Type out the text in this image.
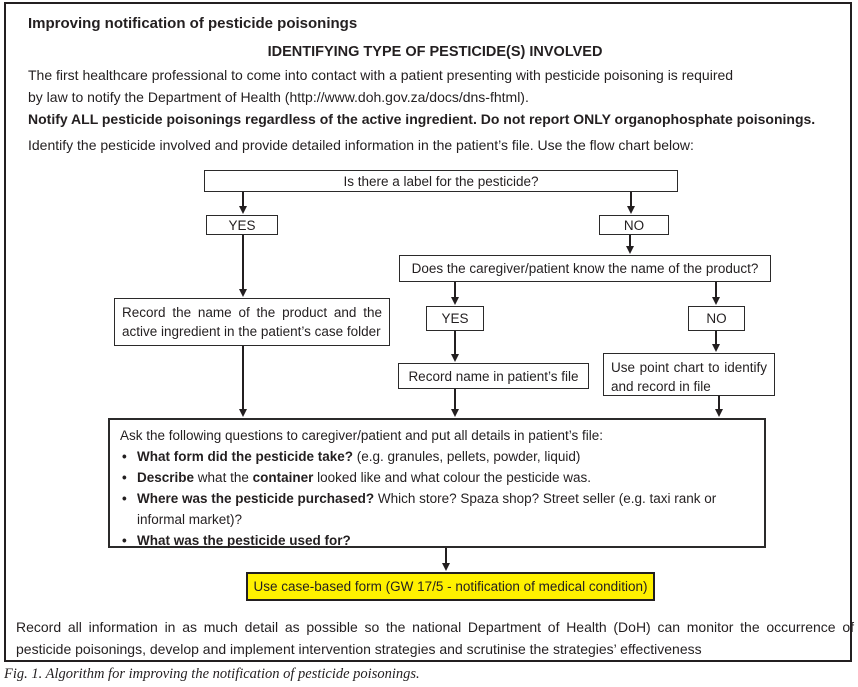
Improving notification of pesticide poisonings
IDENTIFYING TYPE OF PESTICIDE(S) INVOLVED
The first healthcare professional to come into contact with a patient presenting with pesticide poisoning is required
by law to notify the Department of Health (http://www.doh.gov.za/docs/dns-fhtml).
Notify ALL pesticide poisonings regardless of the active ingredient. Do not report ONLY organophosphate poisonings.
Identify the pesticide involved and provide detailed information in the patient’s file. Use the flow chart below:
Is there a label for the pesticide?
YES	NO
Does the caregiver/patient know the name of the product?
Record the name of the product and the
active ingredient in the patient’s case folder
YES	NO
Record name in patient’s file
Use point chart to identify
and record in file
Ask the following questions to caregiver/patient and put all details in patient’s file:
• What form did the pesticide take? (e.g. granules, pellets, powder, liquid)
• Describe what the container looked like and what colour the pesticide was.
• Where was the pesticide purchased? Which store? Spaza shop? Street seller (e.g. taxi rank or informal market)?
• What was the pesticide used for?
Use case-based form (GW 17/5 - notification of medical condition)
Record all information in as much detail as possible so the national Department of Health (DoH) can monitor the occurrence of pesticide poisonings, develop and implement intervention strategies and scrutinise the strategies’ effectiveness
Fig. 1. Algorithm for improving the notification of pesticide poisonings.
